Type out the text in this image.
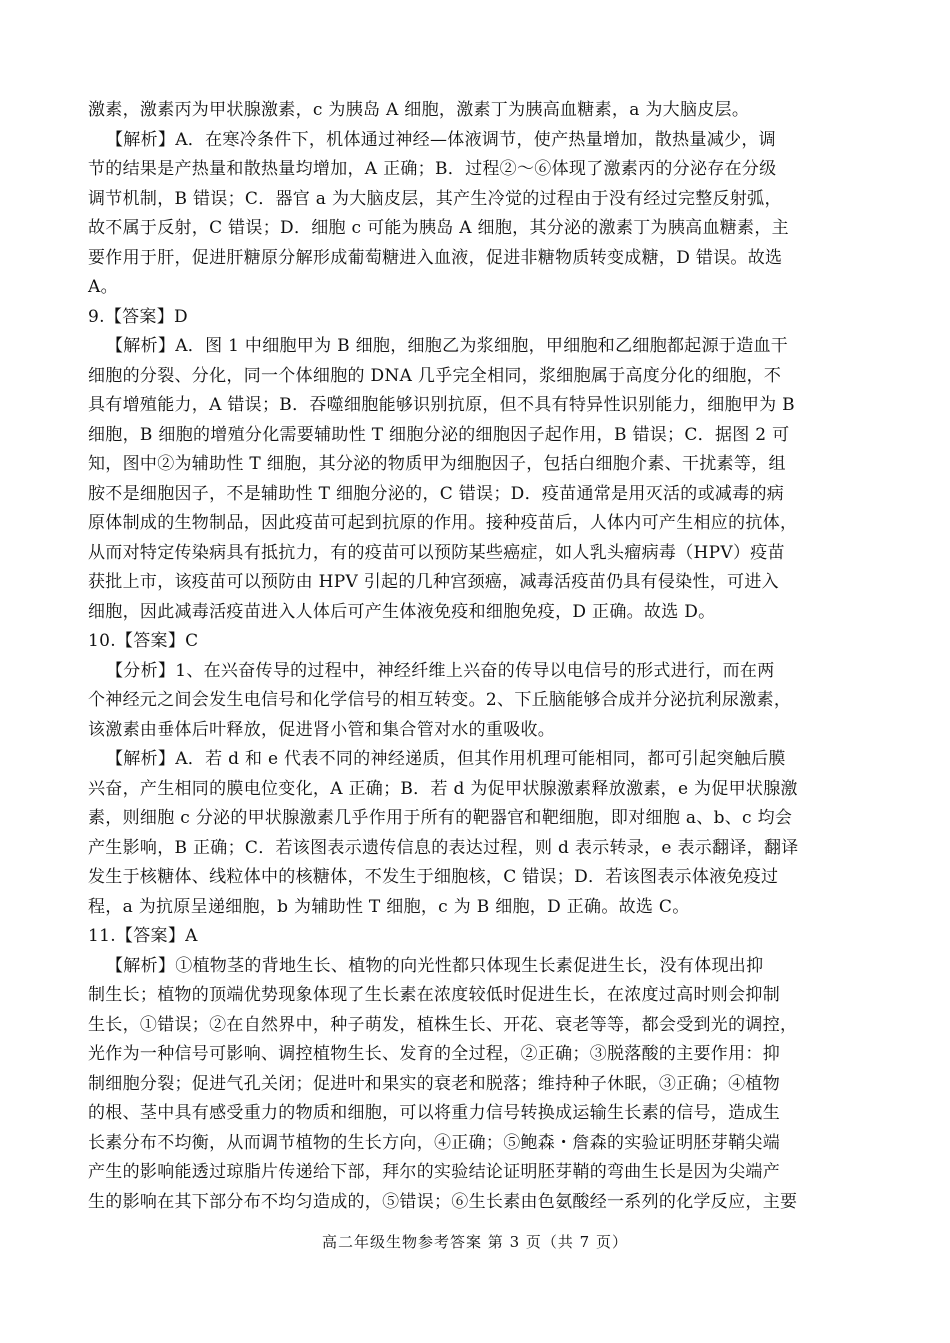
激素，激素丙为甲状腺激素，c 为胰岛 A 细胞，激素丁为胰高血糖素，a 为大脑皮层。
【解析】A．在寒冷条件下，机体通过神经—体液调节，使产热量增加，散热量减少，调
节的结果是产热量和散热量均增加，A 正确；B．过程②～⑥体现了激素丙的分泌存在分级
调节机制，B 错误；C．器官 a 为大脑皮层，其产生冷觉的过程由于没有经过完整反射弧，
故不属于反射，C 错误；D．细胞 c 可能为胰岛 A 细胞，其分泌的激素丁为胰高血糖素，主
要作用于肝，促进肝糖原分解形成葡萄糖进入血液，促进非糖物质转变成糖，D 错误。故选
A。
9.【答案】D
【解析】A．图 1 中细胞甲为 B 细胞，细胞乙为浆细胞，甲细胞和乙细胞都起源于造血干
细胞的分裂、分化，同一个体细胞的 DNA 几乎完全相同，浆细胞属于高度分化的细胞，不
具有增殖能力，A 错误；B．吞噬细胞能够识别抗原，但不具有特异性识别能力，细胞甲为 B
细胞，B 细胞的增殖分化需要辅助性 T 细胞分泌的细胞因子起作用，B 错误；C．据图 2 可
知，图中②为辅助性 T 细胞，其分泌的物质甲为细胞因子，包括白细胞介素、干扰素等，组
胺不是细胞因子，不是辅助性 T 细胞分泌的，C 错误；D．疫苗通常是用灭活的或减毒的病
原体制成的生物制品，因此疫苗可起到抗原的作用。接种疫苗后，人体内可产生相应的抗体，
从而对特定传染病具有抵抗力，有的疫苗可以预防某些癌症，如人乳头瘤病毒（HPV）疫苗
获批上市，该疫苗可以预防由 HPV 引起的几种宫颈癌，减毒活疫苗仍具有侵染性，可进入
细胞，因此减毒活疫苗进入人体后可产生体液免疫和细胞免疫，D 正确。故选 D。
10.【答案】C
【分析】1、在兴奋传导的过程中，神经纤维上兴奋的传导以电信号的形式进行，而在两
个神经元之间会发生电信号和化学信号的相互转变。2、下丘脑能够合成并分泌抗利尿激素，
该激素由垂体后叶释放，促进肾小管和集合管对水的重吸收。
【解析】A．若 d 和 e 代表不同的神经递质，但其作用机理可能相同，都可引起突触后膜
兴奋，产生相同的膜电位变化，A 正确；B．若 d 为促甲状腺激素释放激素，e 为促甲状腺激
素，则细胞 c 分泌的甲状腺激素几乎作用于所有的靶器官和靶细胞，即对细胞 a、b、c 均会
产生影响，B 正确；C．若该图表示遗传信息的表达过程，则 d 表示转录，e 表示翻译，翻译
发生于核糖体、线粒体中的核糖体，不发生于细胞核，C 错误；D．若该图表示体液免疫过
程，a 为抗原呈递细胞，b 为辅助性 T 细胞，c 为 B 细胞，D 正确。故选 C。
11.【答案】A
【解析】①植物茎的背地生长、植物的向光性都只体现生长素促进生长，没有体现出抑
制生长；植物的顶端优势现象体现了生长素在浓度较低时促进生长，在浓度过高时则会抑制
生长，①错误；②在自然界中，种子萌发，植株生长、开花、衰老等等，都会受到光的调控，
光作为一种信号可影响、调控植物生长、发育的全过程，②正确；③脱落酸的主要作用：抑
制细胞分裂；促进气孔关闭；促进叶和果实的衰老和脱落；维持种子休眠，③正确；④植物
的根、茎中具有感受重力的物质和细胞，可以将重力信号转换成运输生长素的信号，造成生
长素分布不均衡，从而调节植物的生长方向，④正确；⑤鲍森・詹森的实验证明胚芽鞘尖端
产生的影响能透过琼脂片传递给下部，拜尔的实验结论证明胚芽鞘的弯曲生长是因为尖端产
生的影响在其下部分布不均匀造成的，⑤错误；⑥生长素由色氨酸经一系列的化学反应，主要
高二年级生物参考答案 第 3 页（共 7 页）
